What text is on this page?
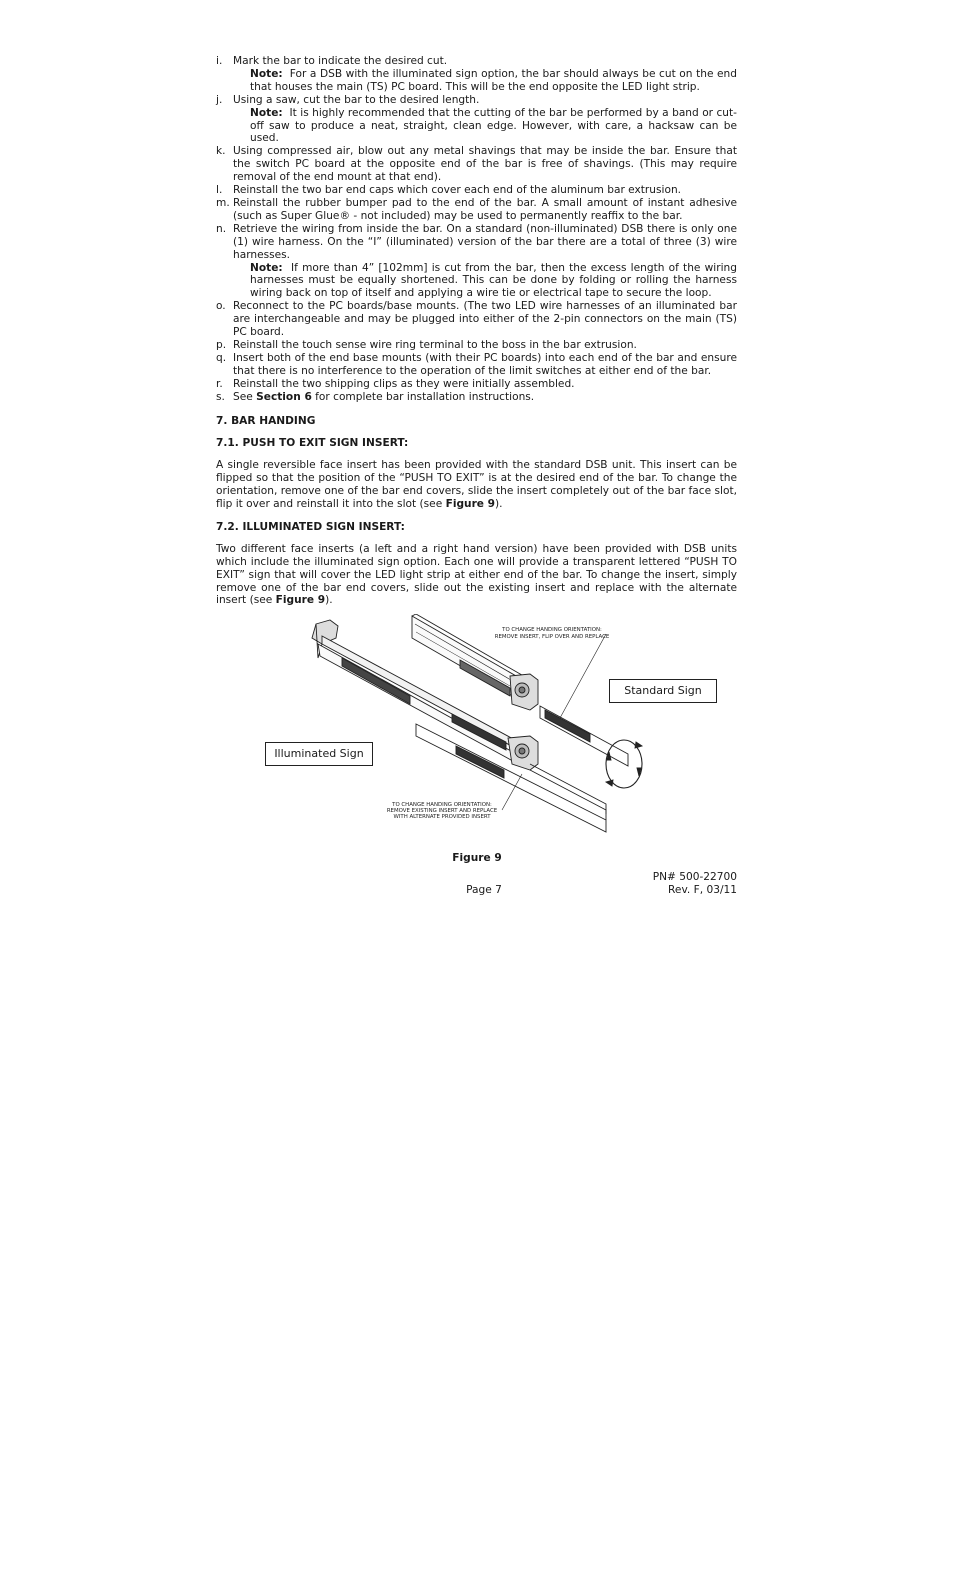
i. Mark the bar to indicate the desired cut.
Note: For a DSB with the illuminated sign option, the bar should always be cut on the end that houses the main (TS) PC board. This will be the end opposite the LED light strip.
j. Using a saw, cut the bar to the desired length.
Note: It is highly recommended that the cutting of the bar be performed by a band or cut-off saw to produce a neat, straight, clean edge. However, with care, a hacksaw can be used.
k. Using compressed air, blow out any metal shavings that may be inside the bar. Ensure that the switch PC board at the opposite end of the bar is free of shavings. (This may require removal of the end mount at that end).
l. Reinstall the two bar end caps which cover each end of the aluminum bar extrusion.
m. Reinstall the rubber bumper pad to the end of the bar. A small amount of instant adhesive (such as Super Glue® - not included) may be used to permanently reaffix to the bar.
n. Retrieve the wiring from inside the bar. On a standard (non-illuminated) DSB there is only one (1) wire harness. On the “I” (illuminated) version of the bar there are a total of three (3) wire harnesses.
Note: If more than 4” [102mm] is cut from the bar, then the excess length of the wiring harnesses must be equally shortened. This can be done by folding or rolling the harness wiring back on top of itself and applying a wire tie or electrical tape to secure the loop.
o. Reconnect to the PC boards/base mounts. (The two LED wire harnesses of an illuminated bar are interchangeable and may be plugged into either of the 2-pin connectors on the main (TS) PC board.
p. Reinstall the touch sense wire ring terminal to the boss in the bar extrusion.
q. Insert both of the end base mounts (with their PC boards) into each end of the bar and ensure that there is no interference to the operation of the limit switches at either end of the bar.
r. Reinstall the two shipping clips as they were initially assembled.
s. See Section 6 for complete bar installation instructions.
7. BAR HANDING
7.1. PUSH TO EXIT SIGN INSERT:
A single reversible face insert has been provided with the standard DSB unit. This insert can be flipped so that the position of the “PUSH TO EXIT” is at the desired end of the bar. To change the orientation, remove one of the bar end covers, slide the insert completely out of the bar face slot, flip it over and reinstall it into the slot (see Figure 9).
7.2. ILLUMINATED SIGN INSERT:
Two different face inserts (a left and a right hand version) have been provided with DSB units which include the illuminated sign option. Each one will provide a transparent lettered “PUSH TO EXIT” sign that will cover the LED light strip at either end of the bar. To change the insert, simply remove one of the bar end covers, slide out the existing insert and replace with the alternate insert (see Figure 9).
TO CHANGE HANDING ORIENTATION:
REMOVE INSERT, FLIP OVER AND REPLACE
TO CHANGE HANDING ORIENTATION:
REMOVE EXISTING INSERT AND REPLACE
WITH ALTERNATE PROVIDED INSERT
Standard Sign
Illuminated Sign
Figure 9
PN# 500-22700
Page 7	Rev. F, 03/11
